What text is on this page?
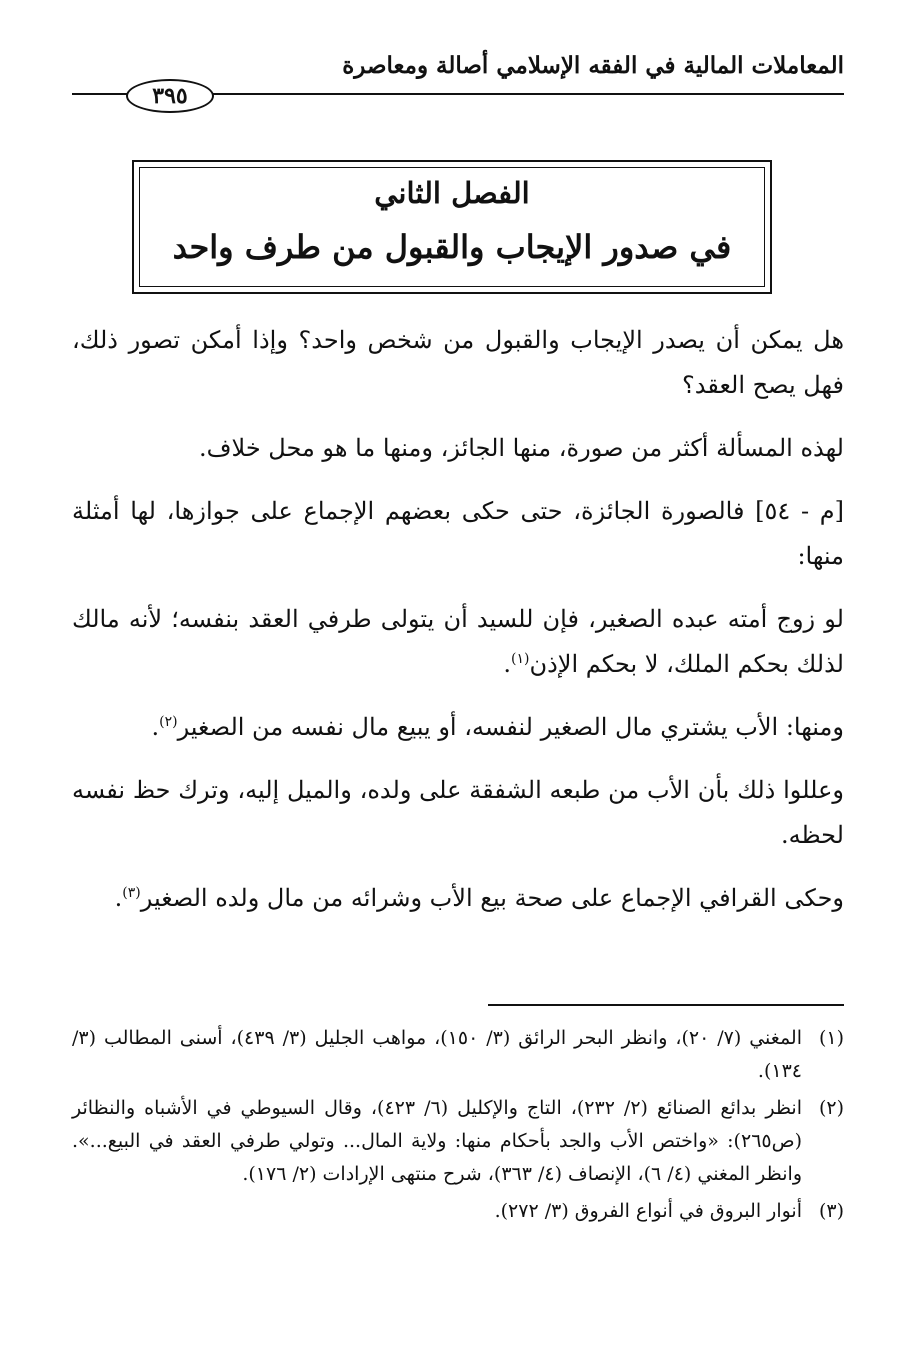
المعاملات المالية في الفقه الإسلامي أصالة ومعاصرة
٣٩٥
الفصل الثاني
في صدور الإيجاب والقبول من طرف واحد

هل يمكن أن يصدر الإيجاب والقبول من شخص واحد؟ وإذا أمكن تصور ذلك، فهل يصح العقد؟

لهذه المسألة أكثر من صورة، منها الجائز، ومنها ما هو محل خلاف.

[م - ٥٤] فالصورة الجائزة، حتى حكى بعضهم الإجماع على جوازها، لها أمثلة منها:

لو زوج أمته عبده الصغير، فإن للسيد أن يتولى طرفي العقد بنفسه؛ لأنه مالك لذلك بحكم الملك، لا بحكم الإذن$^{(١)}$.

ومنها: الأب يشتري مال الصغير لنفسه، أو يبيع مال نفسه من الصغير$^{(٢)}$.

وعللوا ذلك بأن الأب من طبعه الشفقة على ولده، والميل إليه، وترك حظ نفسه لحظه.

وحكى القرافي الإجماع على صحة بيع الأب وشرائه من مال ولده الصغير$^{(٣)}$.

(١)
المغني (٧/ ٢٠)، وانظر البحر الرائق (٣/ ١٥٠)، مواهب الجليل (٣/ ٤٣٩)، أسنى المطالب (٣/ ١٣٤).
(٢)
انظر بدائع الصنائع (٢/ ٢٣٢)، التاج والإكليل (٦/ ٤٢٣)، وقال السيوطي في الأشباه والنظائر (ص٢٦٥): «واختص الأب والجد بأحكام منها: ولاية المال... وتولي طرفي العقد في البيع...». وانظر المغني (٤/ ٦)، الإنصاف (٤/ ٣٦٣)، شرح منتهى الإرادات (٢/ ١٧٦).
(٣)
أنوار البروق في أنواع الفروق (٣/ ٢٧٢).
